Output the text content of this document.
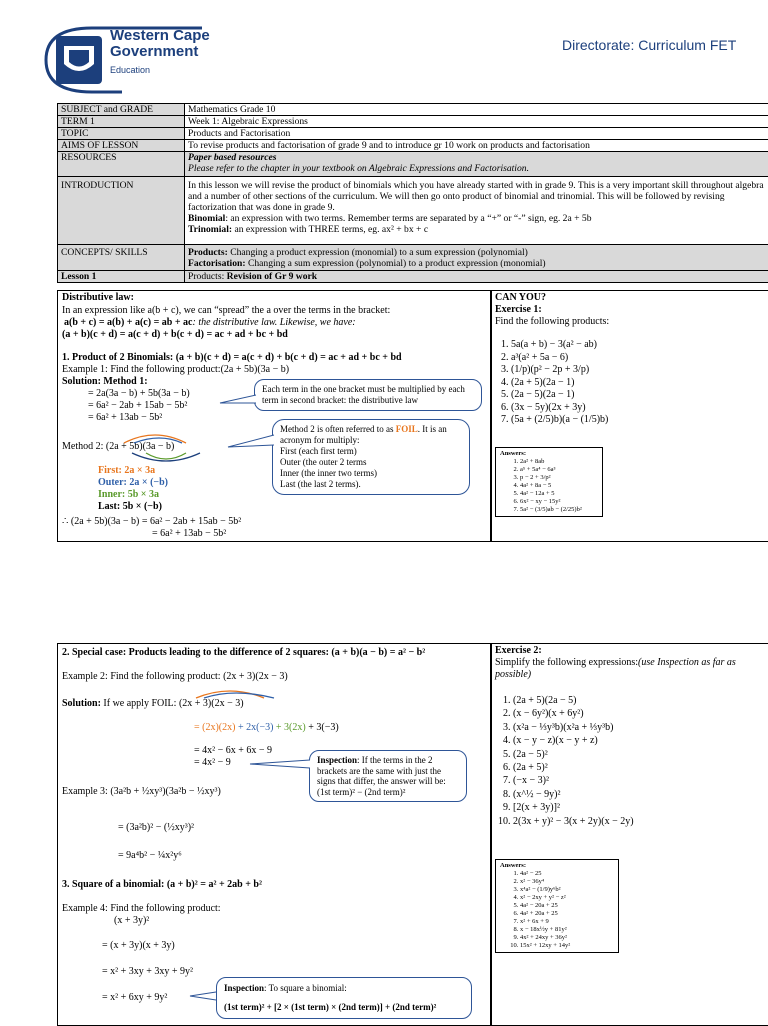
Western Cape
Government
Education
Directorate: Curriculum FET
SUBJECT and GRADE	Mathematics Grade 10
TERM 1	Week 1: Algebraic Expressions
TOPIC	Products and Factorisation
AIMS OF LESSON	To revise products and factorisation of grade 9 and to introduce gr 10 work on products and factorisation
RESOURCES	Paper based resources
Please refer to the chapter in your textbook on Algebraic Expressions and Factorisation.

INTRODUCTION	In this lesson we will revise the product of binomials which you have already started with in grade 9. This is a very important skill throughout algebra and a number of other sections of the curriculum. We will then go onto product of binomial and trinomial. This will be followed by revising factorization that was done in grade 9.
Binomial: an expression with two terms. Remember terms are separated by a “+” or “-” sign, eg. 2a + 5b
Trinomial: an expression with THREE terms, eg. ax² + bx + c

CONCEPTS/ SKILLS	Products: Changing a product expression (monomial) to a sum expression (polynomial)
Factorisation: Changing a sum expression (polynomial) to a product expression (monomial)

Lesson 1	Products: Revision of Gr 9 work
Distributive law:
In an expression like a(b + c), we can “spread” the a over the terms in the bracket:
a(b + c) = a(b) + a(c) = ab + ac: the distributive law. Likewise, we have:
(a + b)(c + d) = a(c + d) + b(c + d) = ac + ad + bc + bd
1. Product of 2 Binomials: (a + b)(c + d) = a(c + d) + b(c + d) = ac + ad + bc + bd
Example 1: Find the following product:(2a + 5b)(3a − b)
Solution: Method 1:
= 2a(3a − b) + 5b(3a − b)
= 6a² − 2ab + 15ab − 5b²
= 6a² + 13ab − 5b²
Each term in the one bracket must be multiplied by each term in second bracket: the distributive law
Method 2: (2a + 5b)(3a − b)
First: 2a × 3a
Outer: 2a × (−b)
Inner: 5b × 3a
Last: 5b × (−b)
Method 2 is often referred to as FOIL. It is an acronym for multiply:
First (each first term)
Outer (the outer 2 terms
Inner (the inner two terms)
Last (the last 2 terms).
∴ (2a + 5b)(3a − b) = 6a² − 2ab + 15ab − 5b²
= 6a² + 13ab − 5b²
CAN YOU?
Exercise 1:
Find the following products:
1. 5a(a + b) − 3(a² − ab)
2. a³(a² + 5a − 6)
3. (1/p)(p² − 2p + 3/p)
4. (2a + 5)(2a − 1)
5. (2a − 5)(2a − 1)
6. (3x − 5y)(2x + 3y)
7. (5a + (2/5)b)(a − (1/5)b)
Answers:
1. 2a² + 8ab
2. a⁵ + 5a⁴ − 6a³
3. p − 2 + 3/p²
4. 4a² + 8a − 5
5. 4a² − 12a + 5
6. 6x² − xy − 15y²
7. 5a² − (3/5)ab − (2/25)b²
2. Special case: Products leading to the difference of 2 squares: (a + b)(a − b) = a² − b²
Example 2: Find the following product: (2x + 3)(2x − 3)
Solution: If we apply FOIL: (2x + 3)(2x − 3)
= (2x)(2x) + 2x(−3) + 3(2x) + 3(−3)
= 4x² − 6x + 6x − 9
= 4x² − 9	Inspection: If the terms in the 2 brackets are the same with just the signs that differ, the answer will be: (1st term)² − (2nd term)²
Example 3: (3a²b + ½xy³)(3a²b − ½xy³)
= (3a²b)² − (½xy³)²
= 9a⁴b² − ¼x²y⁶
3. Square of a binomial: (a + b)² = a² + 2ab + b²
Example 4: Find the following product:
(x + 3y)²
= (x + 3y)(x + 3y)
= x² + 3xy + 3xy + 9y²
= x² + 6xy + 9y²
Inspection: To square a binomial:
(1st term)² + [2 × (1st term) × (2nd term)] + (2nd term)²
Exercise 2:
Simplify the following expressions:(use Inspection as far as possible)
1. (2a + 5)(2a − 5)
2. (x − 6y²)(x + 6y²)
3. (x²a − ⅓y³b)(x²a + ⅓y³b)
4. (x − y − z)(x − y + z)
5. (2a − 5)²
6. (2a + 5)²
7. (−x − 3)²
8. (x^½ − 9y)²
9. [2(x + 3y)]²
10. 2(3x + y)² − 3(x + 2y)(x − 2y)
Answers:
1. 4a² − 25
2. x² − 36y⁴
3. x⁴a² − (1/9)y⁶b²
4. x² − 2xy + y² − z²
5. 4a² − 20a + 25
6. 4a² + 20a + 25
7. x² + 6x + 9
8. x − 18x½y + 81y²
9. 4x² + 24xy + 36y²
10. 15x² + 12xy + 14y²
